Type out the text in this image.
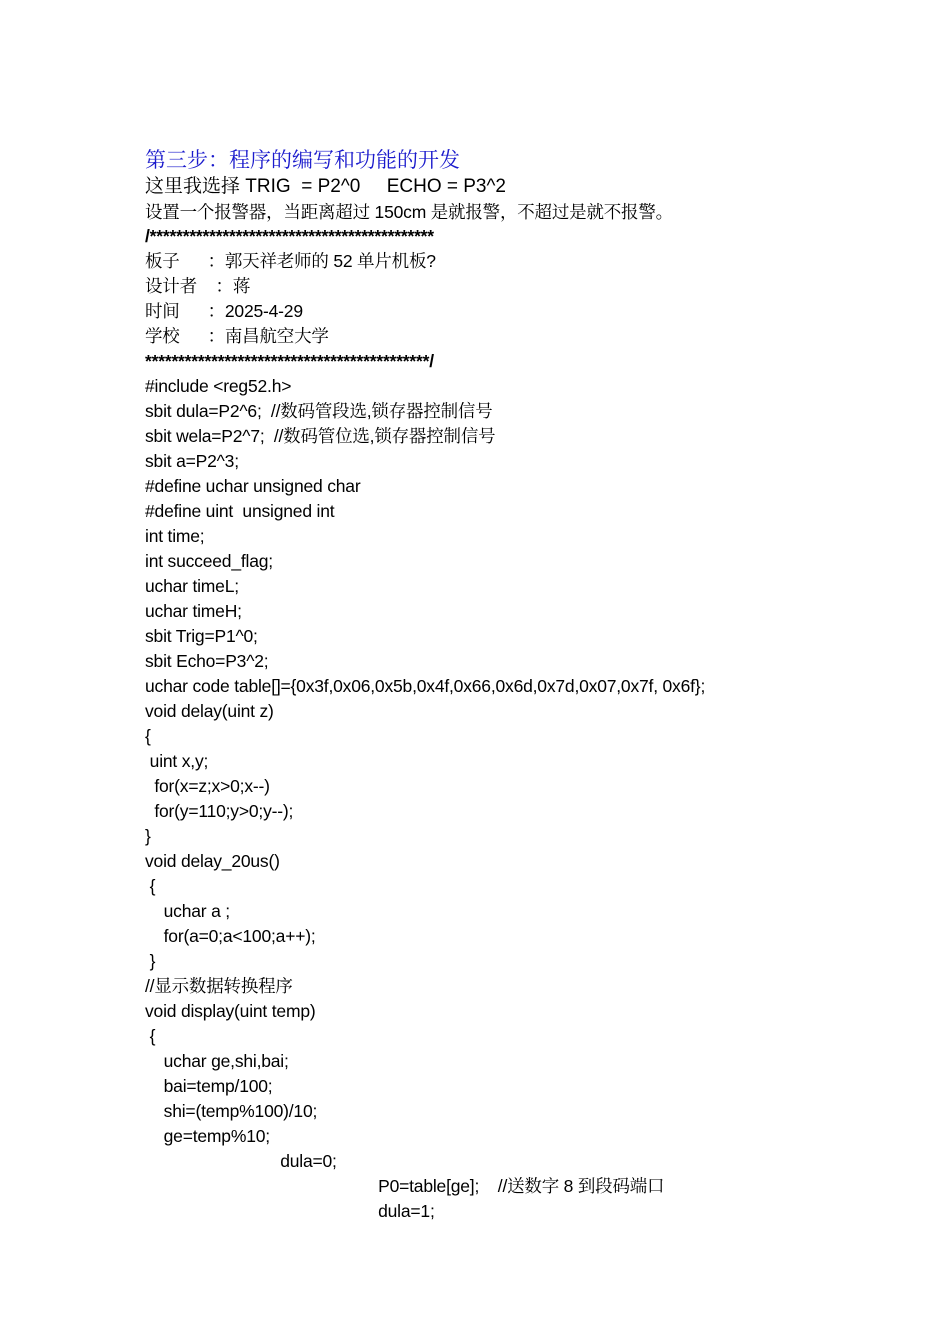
第三步：程序的编写和功能的开发
这里我选择 TRIG  = P2^0     ECHO = P3^2
设置一个报警器，当距离超过 150cm 是就报警，不超过是就不报警。
/*******************************************
板子      ：郭天祥老师的 52 单片机板?
设计者    ：蒋
时间      ：2025-4-29
学校      ：南昌航空大学
*******************************************/
#include <reg52.h>
sbit dula=P2^6;  //数码管段选,锁存器控制信号
sbit wela=P2^7;  //数码管位选,锁存器控制信号
sbit a=P2^3;
#define uchar unsigned char
#define uint  unsigned int
int time;
int succeed_flag;
uchar timeL;
uchar timeH;
sbit Trig=P1^0;
sbit Echo=P3^2;
uchar code table[]={0x3f,0x06,0x5b,0x4f,0x66,0x6d,0x7d,0x07,0x7f, 0x6f};
void delay(uint z)
{
uint x,y;
for(x=z;x>0;x--)
for(y=110;y>0;y--);
}
void delay_20us()
{
uchar a ;
for(a=0;a<100;a++);
}
//显示数据转换程序
void display(uint temp)
{
uchar ge,shi,bai;
bai=temp/100;
shi=(temp%100)/10;
ge=temp%10;
dula=0;
P0=table[ge];    //送数字 8 到段码端口
dula=1;
